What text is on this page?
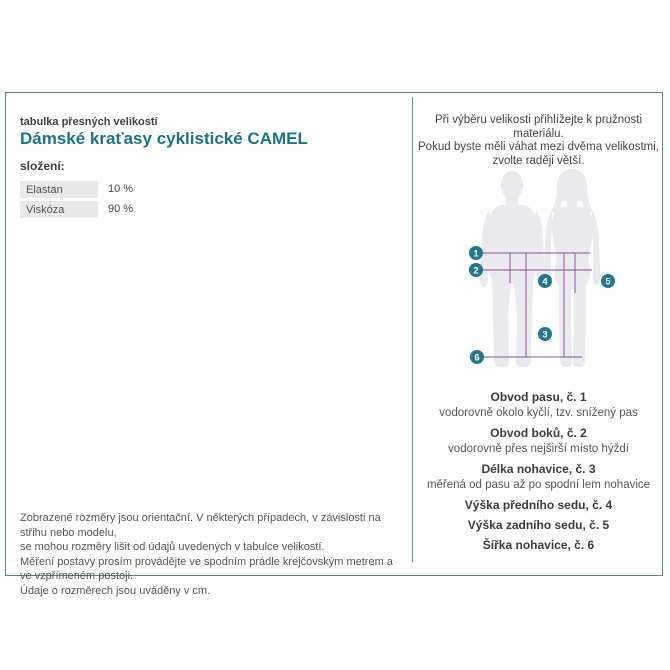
tabulka přesných velikostí
Dámské kraťasy cyklistické CAMEL
složení:
Elastan	10 %
Viskóza	90 %
Zobrazené rozměry jsou orientační. V některých případech, v závislosti na střihu nebo modelu,
se mohou rozměry lišit od údajů uvedených v tabulce velikostí.
Měření postavy prosím provádějte ve spodním prádle krejčovským metrem a ve vzpřímeném postoji.
Údaje o rozměrech jsou uváděny v cm.
Při výběru velikosti přihlížejte k pružnosti materiálu.
Pokud byste měli váhat mezi dvěma velikostmi,
zvolte raději větší.
1
2
4	5
3
6
Obvod pasu, č. 1
vodorovně okolo kyčlí, tzv. snížený pas
Obvod boků, č. 2
vodorovně přes nejširší místo hýždí
Délka nohavice, č. 3
měřená od pasu až po spodní lem nohavice
Výška předního sedu, č. 4
Výška zadního sedu, č. 5
Šířka nohavice, č. 6
